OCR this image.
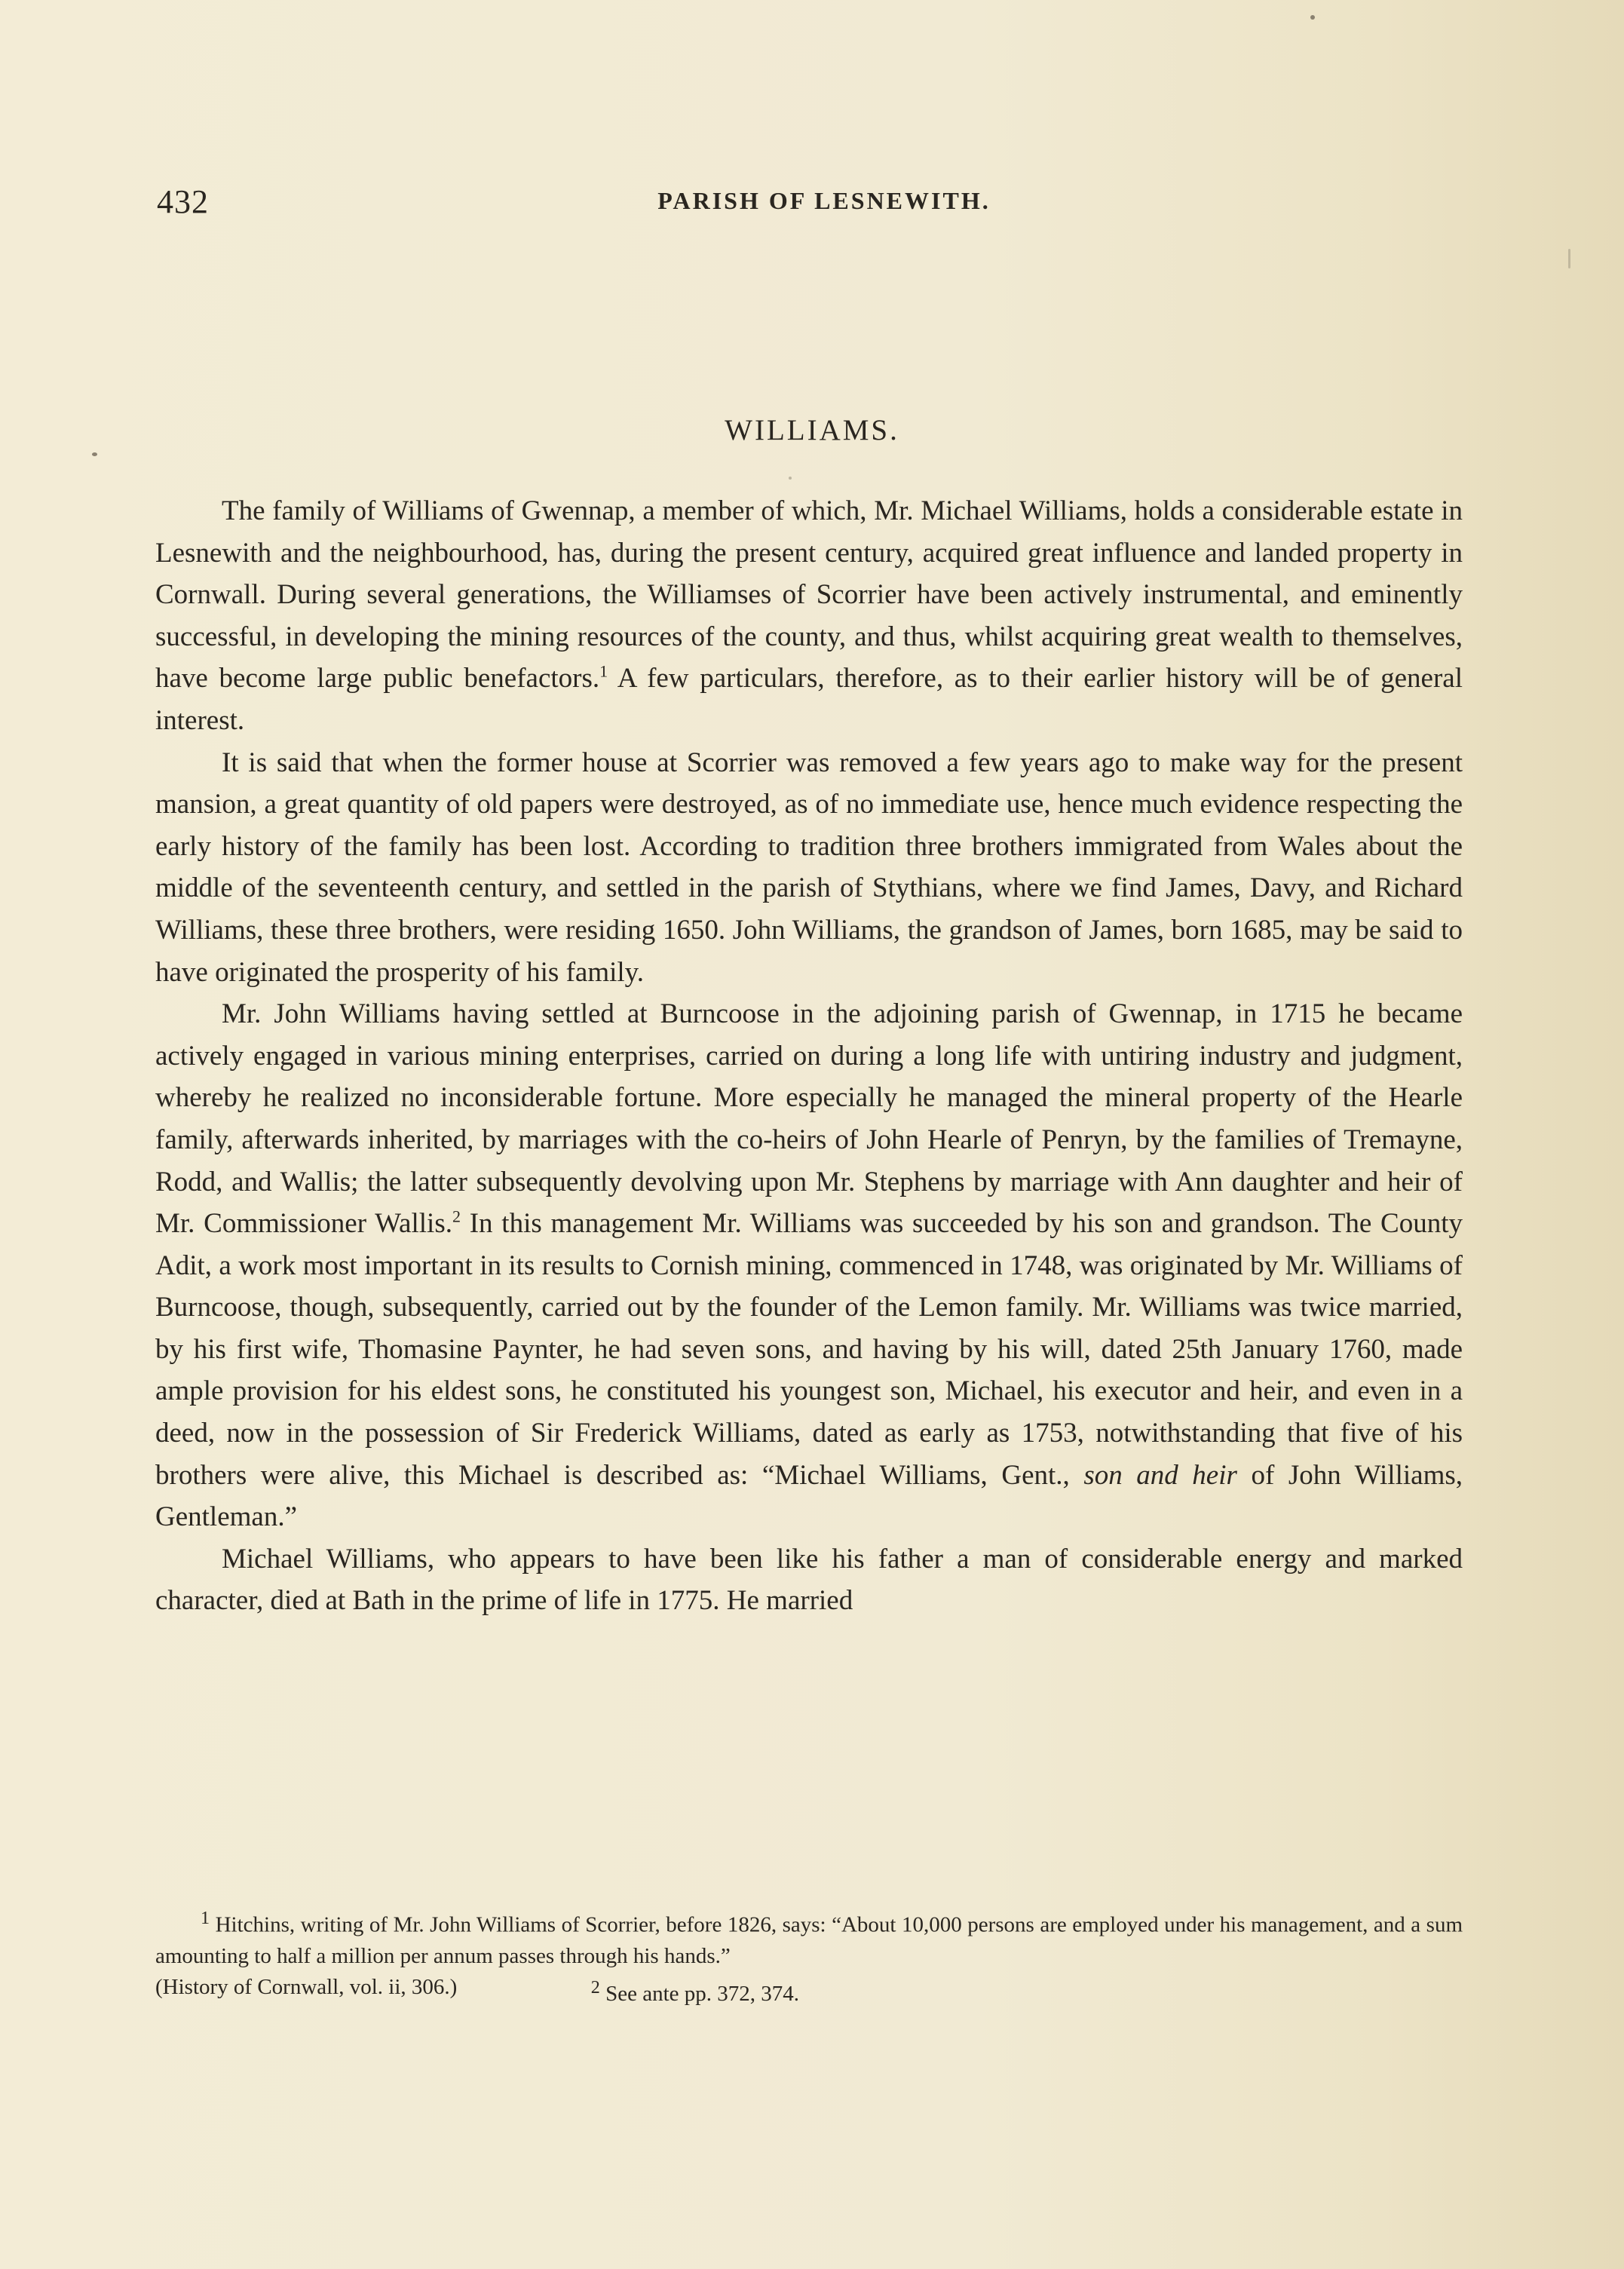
432	PARISH OF LESNEWITH.
WILLIAMS.

The family of Williams of Gwennap, a member of which, Mr. Michael Williams, holds a considerable estate in Lesnewith and the neighbourhood, has, during the present century, acquired great influence and landed property in Cornwall. During several generations, the Williamses of Scorrier have been actively instrumental, and eminently successful, in developing the mining resources of the county, and thus, whilst acquiring great wealth to themselves, have become large public benefactors.$^1$ A few particulars, therefore, as to their earlier history will be of general interest.

It is said that when the former house at Scorrier was removed a few years ago to make way for the present mansion, a great quantity of old papers were destroyed, as of no immediate use, hence much evidence respecting the early history of the family has been lost. According to tradition three brothers immigrated from Wales about the middle of the seventeenth century, and settled in the parish of Stythians, where we find James, Davy, and Richard Williams, these three brothers, were residing 1650. John Williams, the grandson of James, born 1685, may be said to have originated the prosperity of his family.

Mr. John Williams having settled at Burncoose in the adjoining parish of Gwennap, in 1715 he became actively engaged in various mining enterprises, carried on during a long life with untiring industry and judgment, whereby he realized no inconsiderable fortune. More especially he managed the mineral property of the Hearle family, afterwards inherited, by marriages with the co-heirs of John Hearle of Penryn, by the families of Tremayne, Rodd, and Wallis; the latter subsequently devolving upon Mr. Stephens by marriage with Ann daughter and heir of Mr. Commissioner Wallis.$^2$ In this management Mr. Williams was succeeded by his son and grandson. The County Adit, a work most important in its results to Cornish mining, commenced in 1748, was originated by Mr. Williams of Burncoose, though, subsequently, carried out by the founder of the Lemon family. Mr. Williams was twice married, by his first wife, Thomasine Paynter, he had seven sons, and having by his will, dated 25th January 1760, made ample provision for his eldest sons, he constituted his youngest son, Michael, his executor and heir, and even in a deed, now in the possession of Sir Frederick Williams, dated as early as 1753, notwithstanding that five of his brothers were alive, this Michael is described as: “Michael Williams, Gent., son and heir of John Williams, Gentleman.”

Michael Williams, who appears to have been like his father a man of considerable energy and marked character, died at Bath in the prime of life in 1775. He married

$^1$ Hitchins, writing of Mr. John Williams of Scorrier, before 1826, says: “About 10,000 persons are employed under his management, and a sum amounting to half a million per annum passes through his hands.”

(History of Cornwall, vol. ii, 306.)	$^2$ See ante pp. 372, 374.
